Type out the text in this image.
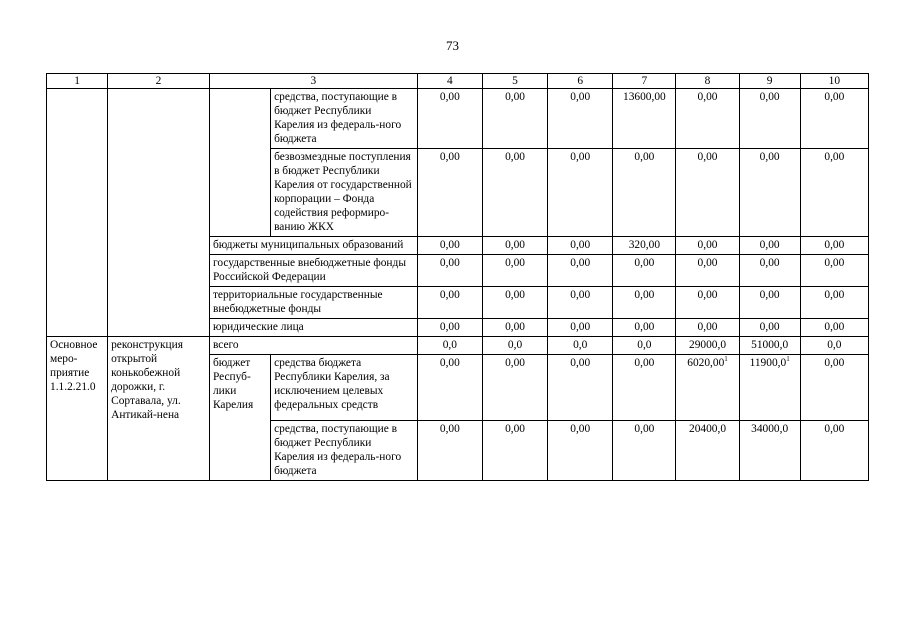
73
1	2	3		4	5	6	7	8	9	10
			средства, поступающие в бюджет Республики Карелия из федераль-ного бюджета	0,00	0,00	0,00	13600,00	0,00	0,00	0,00
			безвозмездные поступления в бюджет Республики Карелия от государственной корпорации – Фонда содействия реформиро-ванию ЖКХ	0,00	0,00	0,00	0,00	0,00	0,00	0,00
		бюджеты муниципальных образований		0,00	0,00	0,00	320,00	0,00	0,00	0,00
		государственные внебюджетные фонды Российской Федерации		0,00	0,00	0,00	0,00	0,00	0,00	0,00
		территориальные государственные внебюджетные фонды		0,00	0,00	0,00	0,00	0,00	0,00	0,00
		юридические лица		0,00	0,00	0,00	0,00	0,00	0,00	0,00
Основное меро-приятие 1.1.2.21.0	реконструкция открытой конькобежной дорожки, г. Сортавала, ул. Антикай-нена	всего		0,0	0,0	0,0	0,0	29000,0	51000,0	0,0
		бюджет Респуб-лики Карелия	средства бюджета Республики Карелия, за исключением целевых федеральных средств	0,00	0,00	0,00	0,00	6020,00$^1$	11900,0$^1$	0,00
			средства, поступающие в бюджет Республики Карелия из федераль-ного бюджета	0,00	0,00	0,00	0,00	20400,0	34000,0	0,00
